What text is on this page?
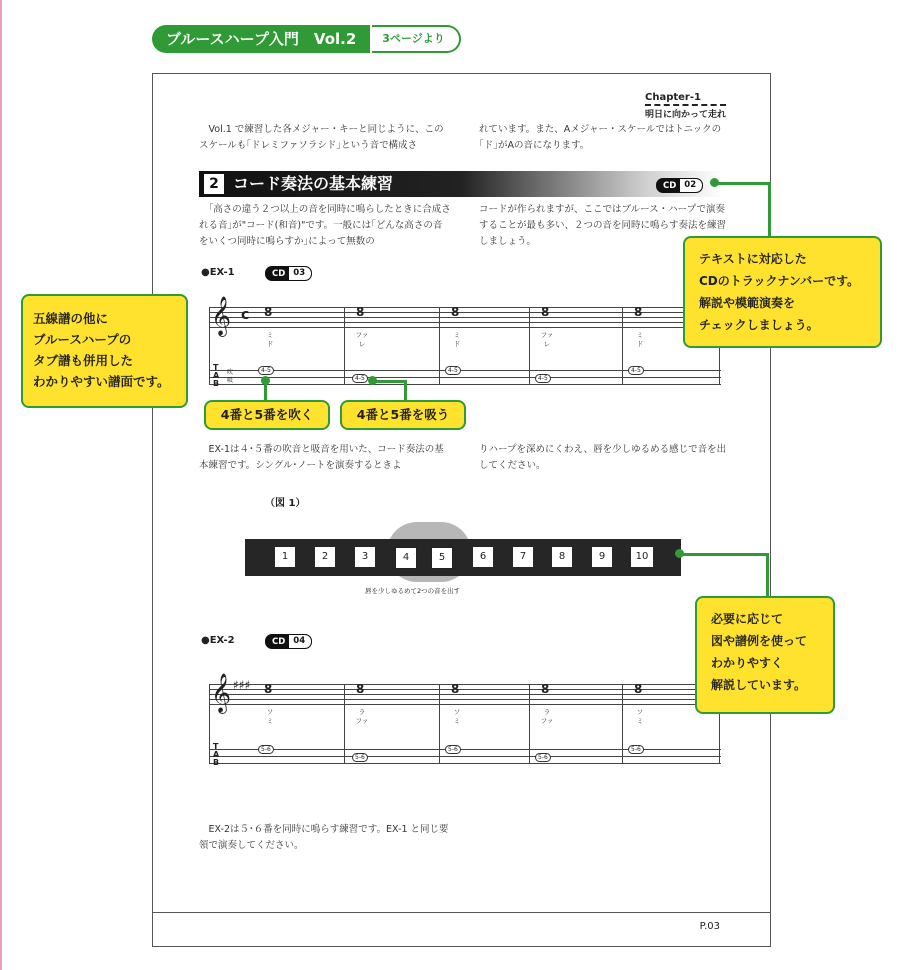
ブルースハープ入門　Vol.2	3ページより
Chapter-1
明日に向かって走れ
　Vol.1 で練習した各メジャー・キーと同じように、このスケールも｢ドレミファソラシド｣という音で構成さ
れています。また、Aメジャー・スケールではトニックの｢ド｣がAの音になります。
2 コード奏法の基本練習	CD 02
　｢高さの違う２つ以上の音を同時に鳴らしたときに合成される音｣が"コード(和音)"です。一般には｢どんな高さの音をいくつ同時に鳴らすか｣によって無数の
コードが作られますが、ここではブルース・ハープで演奏することが最も多い、２つの音を同時に鳴らす奏法を練習しましょう。
●EX-1	CD 03
𝄞 c
T
A
B
吹
吸
8
ミ
ド
4-5
8
ファ
レ
4-5
8
ミ
ド
4-5
8
ファ
レ
4-5
8
ミ
ド
4-5
　EX-1は４･５番の吹音と吸音を用いた、コード奏法の基本練習です。シングル･ノートを演奏するときよ
りハープを深めにくわえ、唇を少しゆるめる感じで音を出してください。
（図 1）
1	2	3	4	5	6	7	8	9	10
唇を少しゆるめて2つの音を出す
●EX-2	CD 04
𝄞 ♯♯♯
T
A
B
8
ソ
ミ
5-6
8
ラ
ファ
5-6
8
ソ
ミ
5-6
8
ラ
ファ
5-6
8
ソ
ミ
5-6
　EX-2は５･６番を同時に鳴らす練習です。EX-1 と同じ要領で演奏してください。
P.03
五線譜の他に
ブルースハープの
タブ譜も併用した
わかりやすい譜面です。
4番と5番を吹く	4番と5番を吸う
テキストに対応した
CDのトラックナンバーです。
解説や模範演奏を
チェックしましょう。
必要に応じて
図や譜例を使って
わかりやすく
解説しています。
